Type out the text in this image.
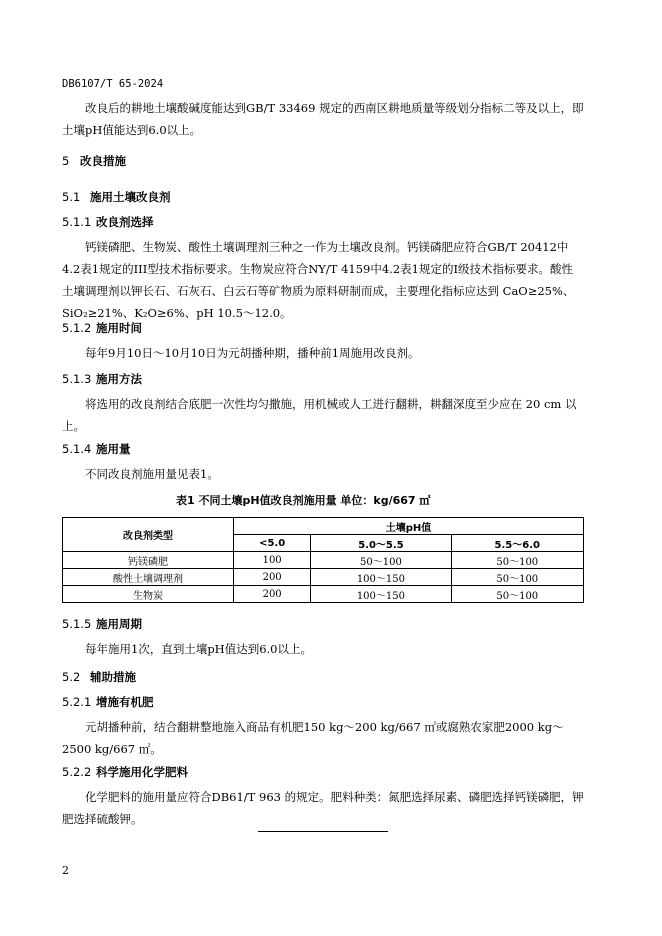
DB6107/T 65-2024

改良后的耕地土壤酸碱度能达到GB/T 33469 规定的西南区耕地质量等级划分指标二等及以上，即土壤pH值能达到6.0以上。

5 改良措施
5.1 施用土壤改良剂
5.1.1 改良剂选择

钙镁磷肥、生物炭、酸性土壤调理剂三种之一作为土壤改良剂。钙镁磷肥应符合GB/T 20412中4.2表1规定的III型技术指标要求。生物炭应符合NY/T 4159中4.2表1规定的I级技术指标要求。酸性土壤调理剂以钾长石、石灰石、白云石等矿物质为原料研制而成，主要理化指标应达到 CaO≥25%、SiO₂≥21%、K₂O≥6%、pH 10.5～12.0。

5.1.2 施用时间

每年9月10日～10月10日为元胡播种期，播种前1周施用改良剂。

5.1.3 施用方法

将选用的改良剂结合底肥一次性均匀撒施，用机械或人工进行翻耕，耕翻深度至少应在 20 cm 以上。

5.1.4 施用量

不同改良剂施用量见表1。

表1 不同土壤pH值改良剂施用量 单位：kg/667 ㎡
改良剂类型	土壤pH值		
	<5.0	5.0～5.5	5.5～6.0
钙镁磷肥	100	50～100	50～100
酸性土壤调理剂	200	100～150	50～100
生物炭	200	100～150	50～100
5.1.5 施用周期

每年施用1次，直到土壤pH值达到6.0以上。

5.2 辅助措施
5.2.1 增施有机肥

元胡播种前，结合翻耕整地施入商品有机肥150 kg～200 kg/667 ㎡或腐熟农家肥2000 kg～2500 kg/667 ㎡。

5.2.2 科学施用化学肥料

化学肥料的施用量应符合DB61/T 963 的规定。肥料种类：氮肥选择尿素、磷肥选择钙镁磷肥，钾肥选择硫酸钾。

2
